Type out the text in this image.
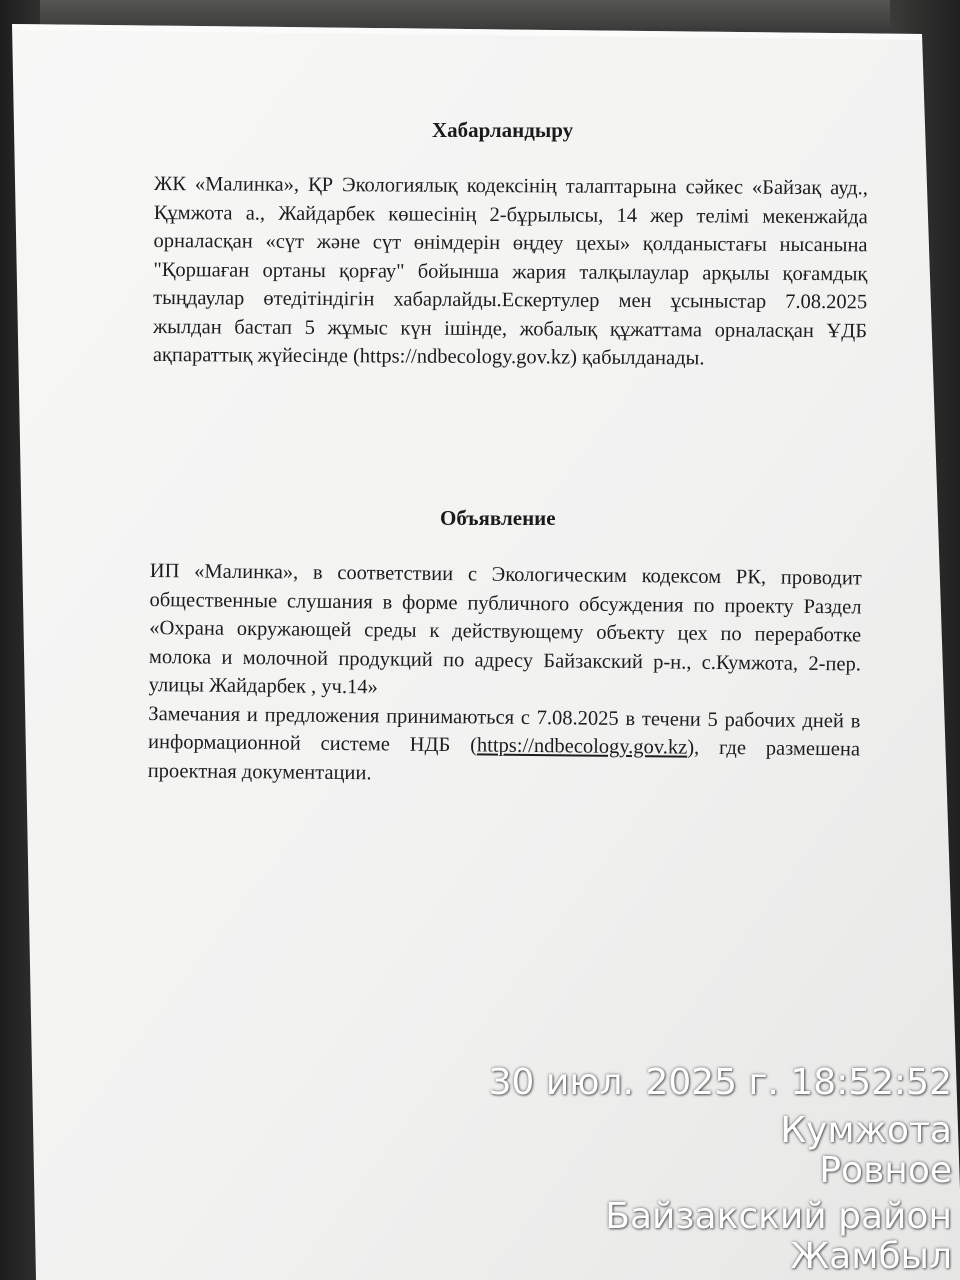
Хабарландыру
ЖК «Малинка», ҚР Экологиялық кодексінің талаптарына сәйкес «Байзақ ауд., Құмжота а., Жайдарбек көшесінің 2-бұрылысы, 14 жер телімі мекенжайда орналасқан «сүт және сүт өнімдерін өңдеу цехы» қолданыстағы нысанына "Қоршаған ортаны қорғау" бойынша жария талқылаулар арқылы қоғамдық тыңдаулар өтедітіндігін хабарлайды.Ескертулер мен ұсыныстар 7.08.2025 жылдан бастап 5 жұмыс күн ішінде, жобалық құжаттама орналасқан ҰДБ ақпараттық жүйесінде (https://ndbecology.gov.kz) қабылданады.
Объявление
ИП «Малинка», в соответствии с Экологическим кодексом РК, проводит общественные слушания в форме публичного обсуждения по проекту Раздел «Охрана окружающей среды к действующему объекту цех по переработке молока и молочной продукций по адресу Байзакский р-н., с.Кумжота, 2-пер. улицы Жайдарбек , уч.14»
Замечания и предложения принимаються с 7.08.2025 в течени 5 рабочих дней в информационной системе НДБ (https://ndbecology.gov.kz), где размешена проектная документации.
30 июл. 2025 г. 18:52:52
Кумжота
Ровное
Байзакский район
Жамбыл
